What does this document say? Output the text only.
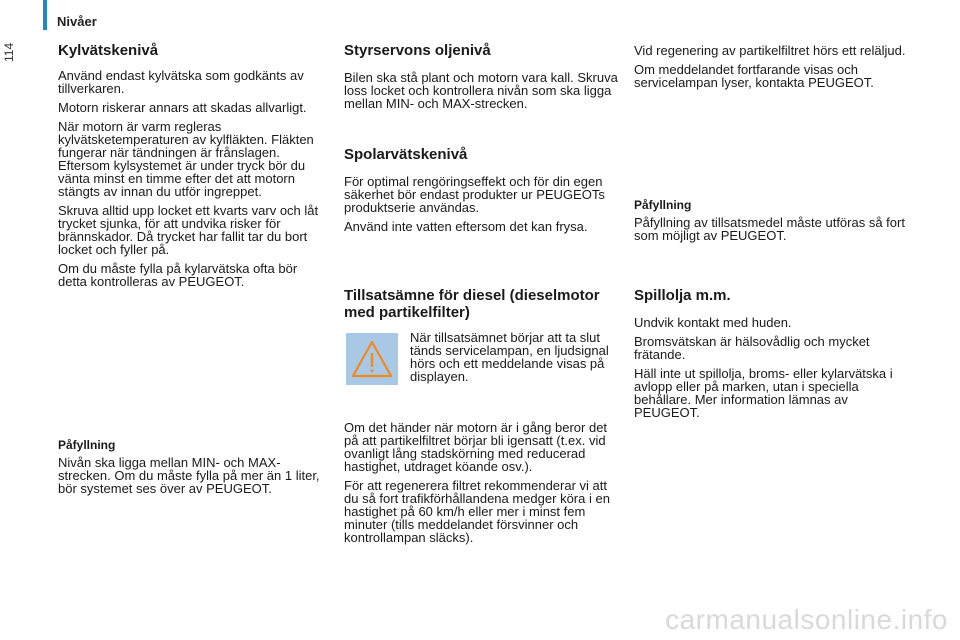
114
Nivåer
Kylvätskenivå

Använd endast kylvätska som godkänts av tillverkaren.

Motorn riskerar annars att skadas allvarligt.

När motorn är varm regleras kylvätsketemperaturen av kylfläkten. Fläkten fungerar när tändningen är frånslagen. Eftersom kylsystemet är under tryck bör du vänta minst en timme efter det att motorn stängts av innan du utför ingreppet.

Skruva alltid upp locket ett kvarts varv och låt trycket sjunka, för att undvika risker för brännskador. Då trycket har fallit tar du bort locket och fyller på.

Om du måste fylla på kylarvätska ofta bör detta kontrolleras av PEUGEOT.

Påfyllning

Nivån ska ligga mellan MIN- och MAX-strecken. Om du måste fylla på mer än 1 liter, bör systemet ses över av PEUGEOT.

Styrservons oljenivå

Bilen ska stå plant och motorn vara kall. Skruva loss locket och kontrollera nivån som ska ligga mellan MIN- och MAX-strecken.

Spolarvätskenivå

För optimal rengöringseffekt och för din egen säkerhet bör endast produkter ur PEUGEOTs produktserie användas.

Använd inte vatten eftersom det kan frysa.

Tillsatsämne för diesel (dieselmotor med partikelfilter)

När tillsatsämnet börjar att ta slut tänds servicelampan, en ljudsignal hörs och ett meddelande visas på displayen.

Om det händer när motorn är i gång beror det på att partikelfiltret börjar bli igensatt (t.ex. vid ovanligt lång stadskörning med reducerad hastighet, utdraget köande osv.).

För att regenerera filtret rekommenderar vi att du så fort trafikförhållandena medger köra i en hastighet på 60 km/h eller mer i minst fem minuter (tills meddelandet försvinner och kontrollampan släcks).

Vid regenering av partikelfiltret hörs ett reläljud.

Om meddelandet fortfarande visas och servicelampan lyser, kontakta PEUGEOT.

Påfyllning

Påfyllning av tillsatsmedel måste utföras så fort som möjligt av PEUGEOT.

Spillolja m.m.

Undvik kontakt med huden.

Bromsvätskan är hälsovådlig och mycket frätande.

Häll inte ut spillolja, broms- eller kylarvätska i avlopp eller på marken, utan i speciella behållare. Mer information lämnas av PEUGEOT.

carmanualsonline.info
